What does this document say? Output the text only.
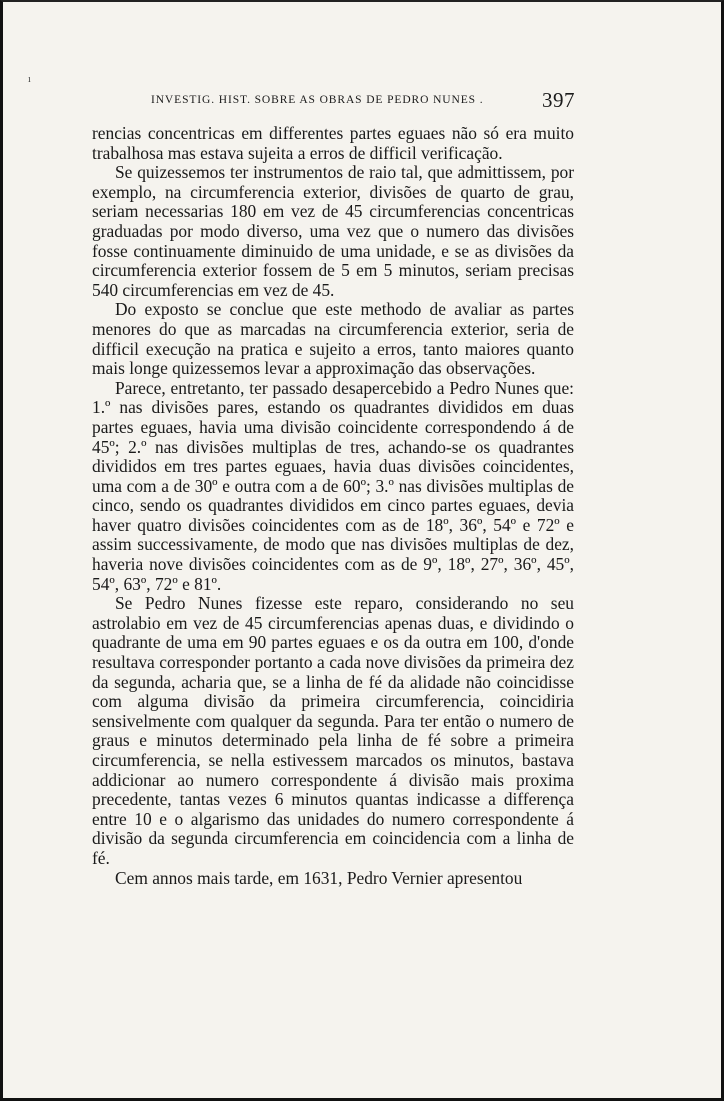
ı
INVESTIG. HIST. SOBRE AS OBRAS DE PEDRO NUNES .	397

rencias concentricas em differentes partes eguaes não só era muito trabalhosa mas estava sujeita a erros de difficil verificação.

Se quizessemos ter instrumentos de raio tal, que admittissem, por exemplo, na circumferencia exterior, divisões de quarto de grau, seriam necessarias 180 em vez de 45 circumferencias concentricas graduadas por modo diverso, uma vez que o numero das divisões fosse continuamente diminuido de uma unidade, e se as divisões da circumferencia exterior fossem de 5 em 5 minutos, seriam precisas 540 circumferencias em vez de 45.

Do exposto se conclue que este methodo de avaliar as partes menores do que as marcadas na circumferencia exterior, seria de difficil execução na pratica e sujeito a erros, tanto maiores quanto mais longe quizessemos levar a approximação das observações.

Parece, entretanto, ter passado desapercebido a Pedro Nunes que: 1.º nas divisões pares, estando os quadrantes divididos em duas partes eguaes, havia uma divisão coincidente correspondendo á de 45º; 2.º nas divisões multiplas de tres, achando-se os quadrantes divididos em tres partes eguaes, havia duas divisões coincidentes, uma com a de 30º e outra com a de 60º; 3.º nas divisões multiplas de cinco, sendo os quadrantes divididos em cinco partes eguaes, devia haver quatro divisões coincidentes com as de 18º, 36º, 54º e 72º e assim successivamente, de modo que nas divisões multiplas de dez, haveria nove divisões coincidentes com as de 9º, 18º, 27º, 36º, 45º, 54º, 63º, 72º e 81º.

Se Pedro Nunes fizesse este reparo, considerando no seu astrolabio em vez de 45 circumferencias apenas duas, e dividindo o quadrante de uma em 90 partes eguaes e os da outra em 100, d'onde resultava corresponder portanto a cada nove divisões da primeira dez da segunda, acharia que, se a linha de fé da alidade não coincidisse com alguma divisão da primeira circumferencia, coincidiria sensivelmente com qualquer da segunda. Para ter então o numero de graus e minutos determinado pela linha de fé sobre a primeira circumferencia, se nella estivessem marcados os minutos, bastava addicionar ao numero correspondente á divisão mais proxima precedente, tantas vezes 6 minutos quantas indicasse a differença entre 10 e o algarismo das unidades do numero correspondente á divisão da segunda circumferencia em coincidencia com a linha de fé.

Cem annos mais tarde, em 1631, Pedro Vernier apresentou
